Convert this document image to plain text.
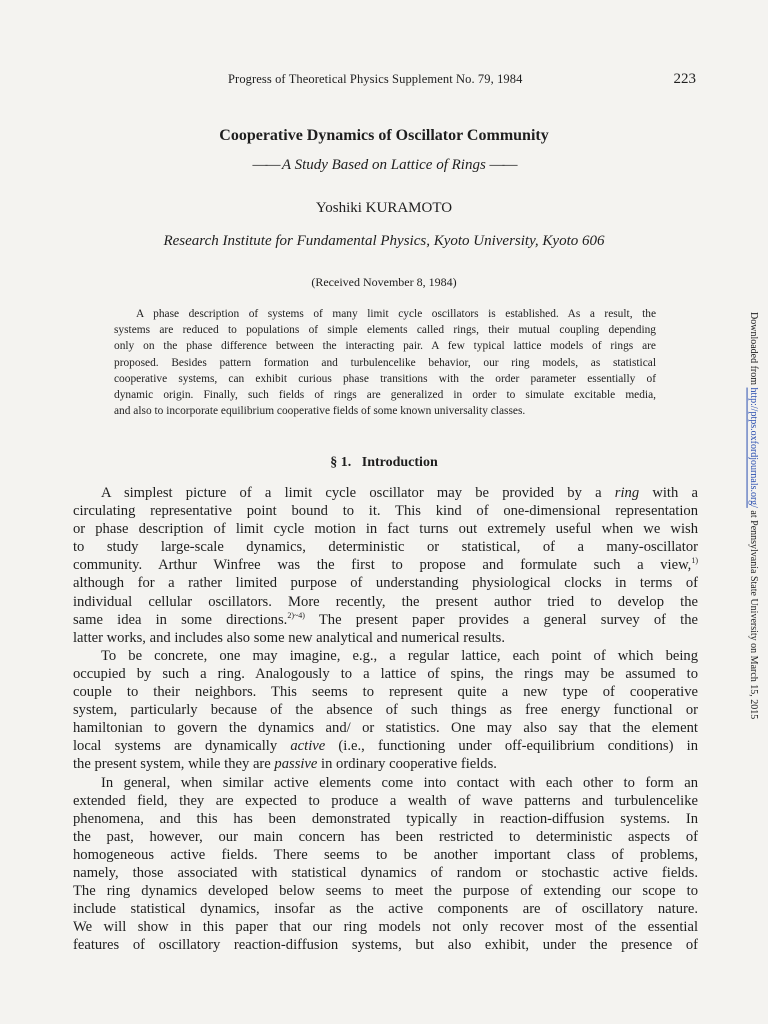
Progress of Theoretical Physics Supplement No. 79, 1984	223
Cooperative Dynamics of Oscillator Community
—— A Study Based on Lattice of Rings ——
Yoshiki KURAMOTO
Research Institute for Fundamental Physics, Kyoto University, Kyoto 606
(Received November 8, 1984)
A phase description of systems of many limit cycle oscillators is established. As a result, the
systems are reduced to populations of simple elements called rings, their mutual coupling depending
only on the phase difference between the interacting pair. A few typical lattice models of rings are
proposed. Besides pattern formation and turbulencelike behavior, our ring models, as statistical
cooperative systems, can exhibit curious phase transitions with the order parameter essentially of
dynamic origin. Finally, such fields of rings are generalized in order to simulate excitable media,
and also to incorporate equilibrium cooperative fields of some known universality classes.
§ 1. Introduction
A simplest picture of a limit cycle oscillator may be provided by a ring with a
circulating representative point bound to it. This kind of one-dimensional representation
or phase description of limit cycle motion in fact turns out extremely useful when we wish
to study large-scale dynamics, deterministic or statistical, of a many-oscillator
community. Arthur Winfree was the first to propose and formulate such a view,$^{1)}$
although for a rather limited purpose of understanding physiological clocks in terms of
individual cellular oscillators. More recently, the present author tried to develop the
same idea in some directions.$^{2)\sim 4)}$ The present paper provides a general survey of the
latter works, and includes also some new analytical and numerical results.
To be concrete, one may imagine, e.g., a regular lattice, each point of which being
occupied by such a ring. Analogously to a lattice of spins, the rings may be assumed to
couple to their neighbors. This seems to represent quite a new type of cooperative
system, particularly because of the absence of such things as free energy functional or
hamiltonian to govern the dynamics and/ or statistics. One may also say that the element
local systems are dynamically active (i.e., functioning under off-equilibrium conditions) in
the present system, while they are passive in ordinary cooperative fields.
In general, when similar active elements come into contact with each other to form an
extended field, they are expected to produce a wealth of wave patterns and turbulencelike
phenomena, and this has been demonstrated typically in reaction-diffusion systems. In
the past, however, our main concern has been restricted to deterministic aspects of
homogeneous active fields. There seems to be another important class of problems,
namely, those associated with statistical dynamics of random or stochastic active fields.
The ring dynamics developed below seems to meet the purpose of extending our scope to
include statistical dynamics, insofar as the active components are of oscillatory nature.
We will show in this paper that our ring models not only recover most of the essential
features of oscillatory reaction-diffusion systems, but also exhibit, under the presence of
Downloaded from http://ptps.oxfordjournals.org/ at Pennsylvania State University on March 15, 2015
